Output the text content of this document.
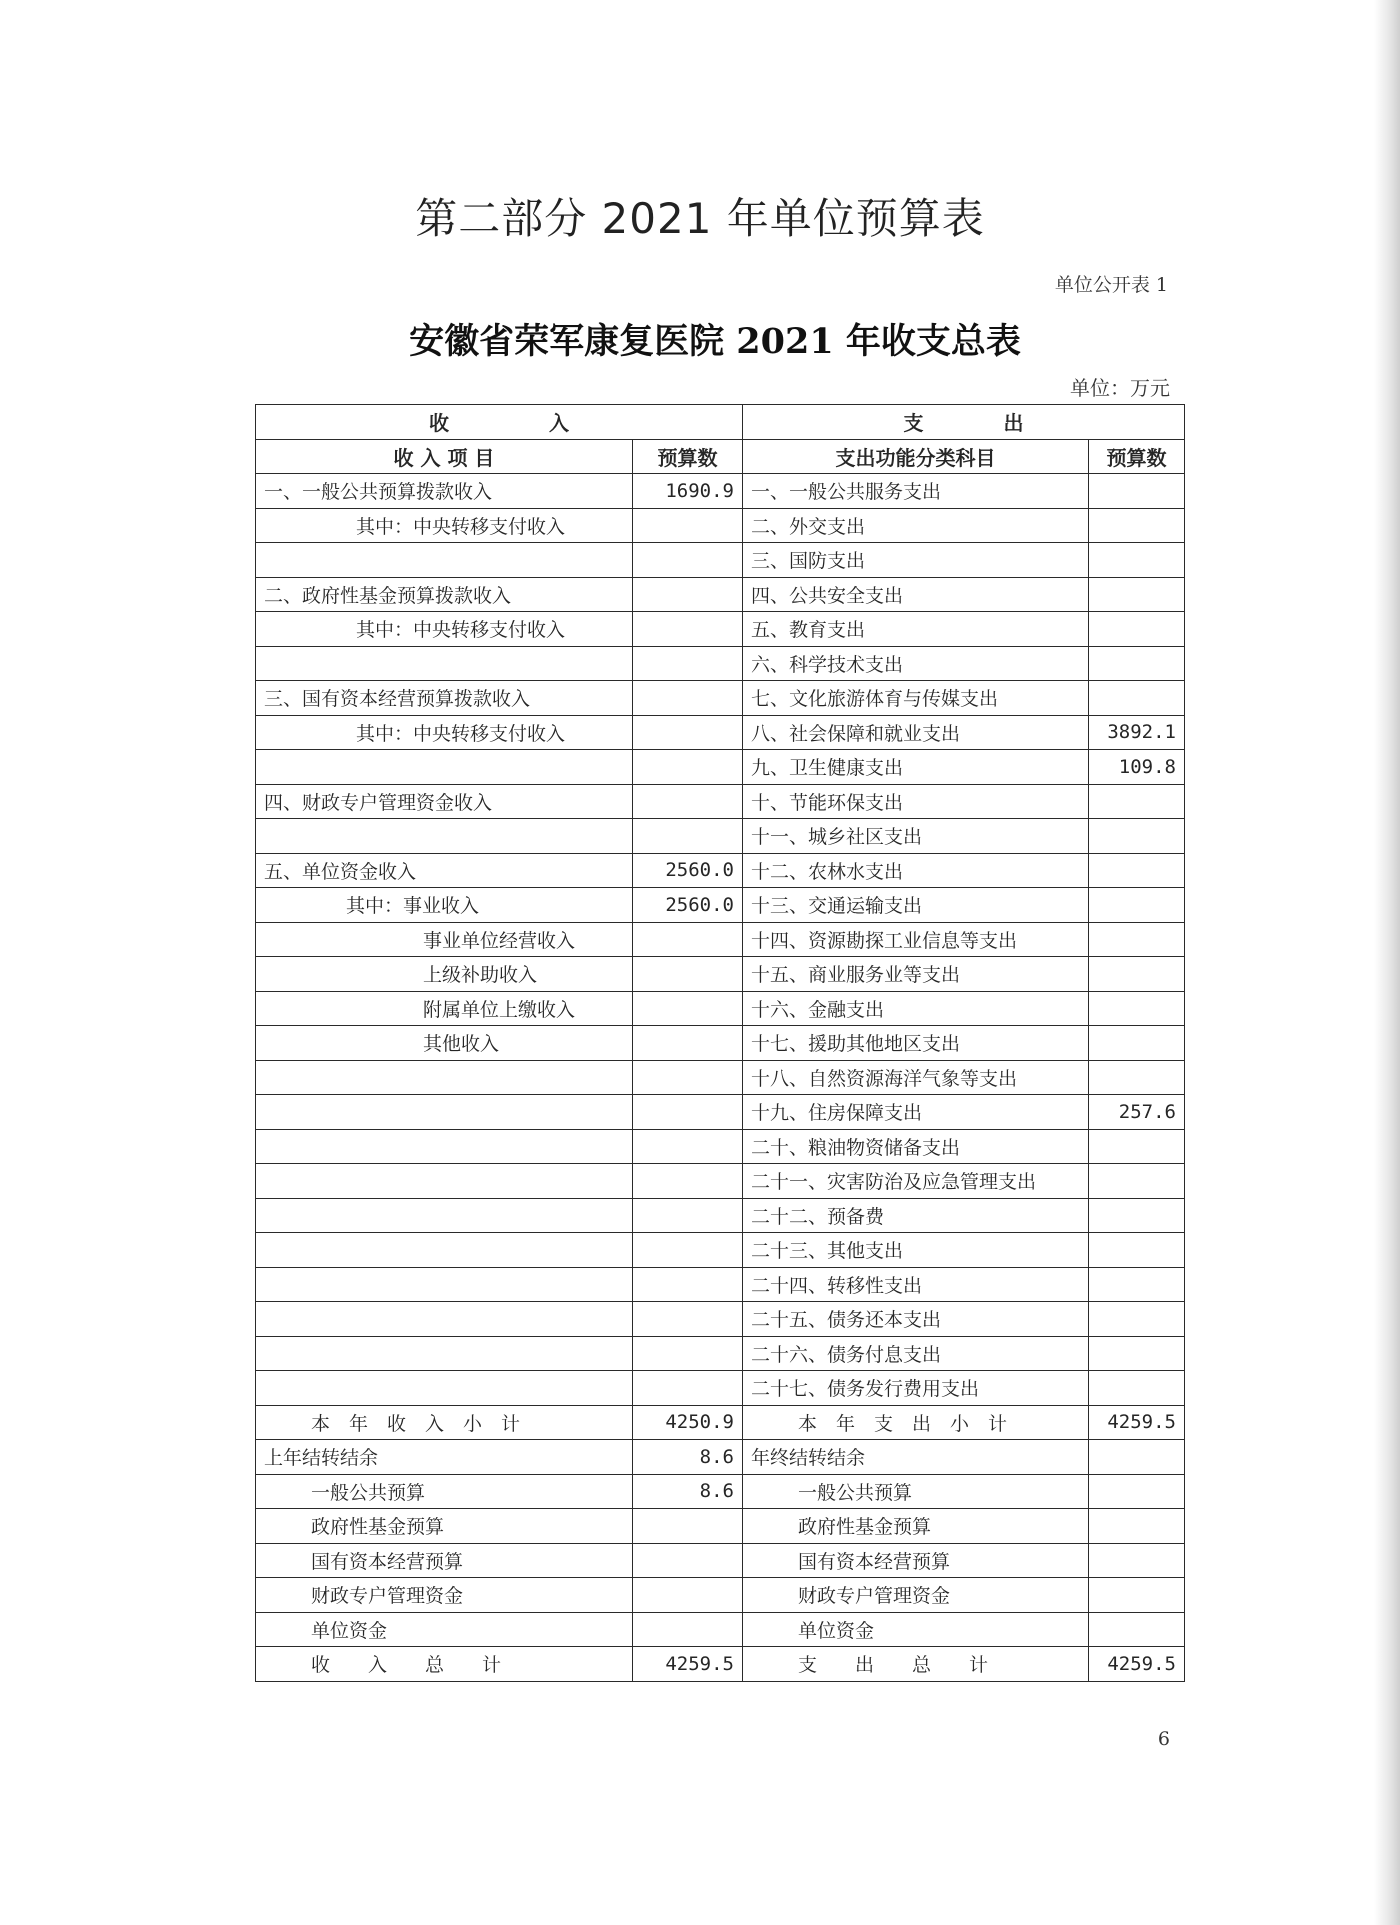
第二部分 2021 年单位预算表
单位公开表 1
安徽省荣军康复医院 2021 年收支总表
单位：万元
收　　　　　入		支　　　　出	
收 入 项 目	预算数	支出功能分类科目	预算数
一、一般公共预算拨款收入	1690.9	一、一般公共服务支出	
其中：中央转移支付收入		二、外交支出	
		三、国防支出	
二、政府性基金预算拨款收入		四、公共安全支出	
其中：中央转移支付收入		五、教育支出	
		六、科学技术支出	
三、国有资本经营预算拨款收入		七、文化旅游体育与传媒支出	
其中：中央转移支付收入		八、社会保障和就业支出	3892.1
		九、卫生健康支出	109.8
四、财政专户管理资金收入		十、节能环保支出	
		十一、城乡社区支出	
五、单位资金收入	2560.0	十二、农林水支出	
其中：事业收入	2560.0	十三、交通运输支出	
事业单位经营收入		十四、资源勘探工业信息等支出	
上级补助收入		十五、商业服务业等支出	
附属单位上缴收入		十六、金融支出	
其他收入		十七、援助其他地区支出	
		十八、自然资源海洋气象等支出	
		十九、住房保障支出	257.6
		二十、粮油物资储备支出	
		二十一、灾害防治及应急管理支出	
		二十二、预备费	
		二十三、其他支出	
		二十四、转移性支出	
		二十五、债务还本支出	
		二十六、债务付息支出	
		二十七、债务发行费用支出	
本　年　收　入　小　计	4250.9	本　年　支　出　小　计	4259.5
上年结转结余	8.6	年终结转结余	
一般公共预算	8.6	一般公共预算	
政府性基金预算		政府性基金预算	
国有资本经营预算		国有资本经营预算	
财政专户管理资金		财政专户管理资金	
单位资金		单位资金	
收　　入　　总　　计	4259.5	支　　出　　总　　计	4259.5
6
